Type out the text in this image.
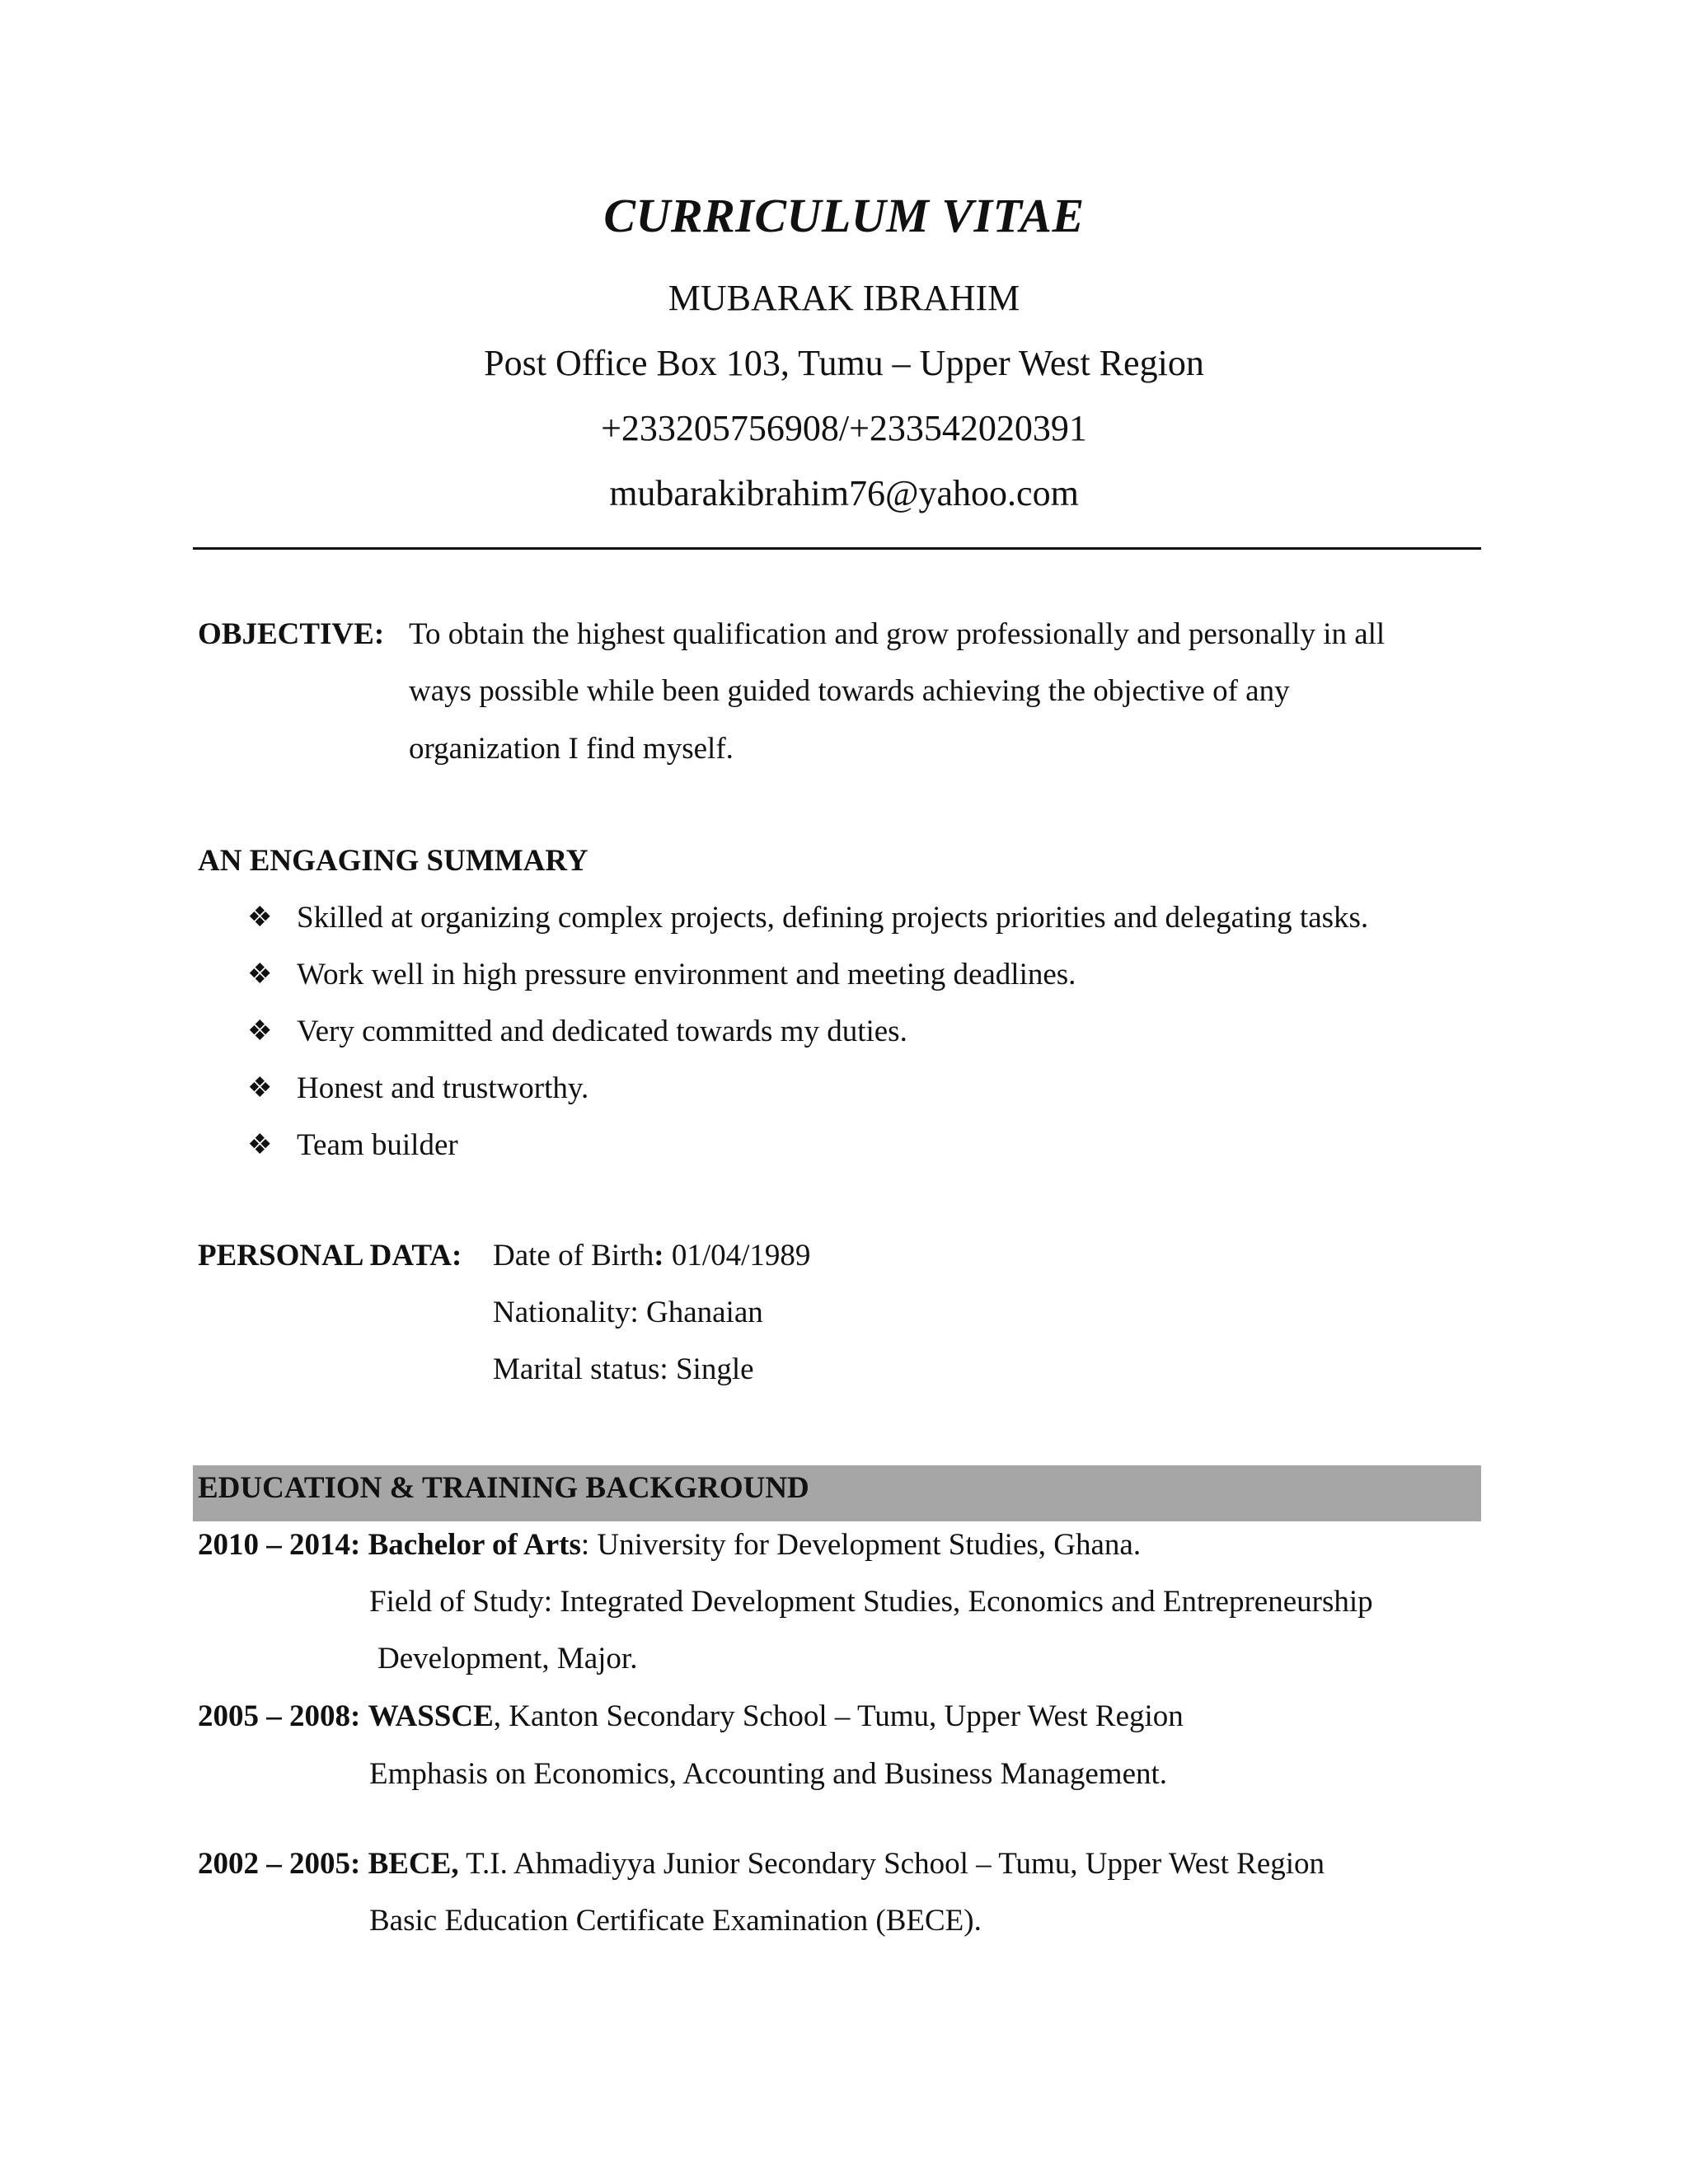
CURRICULUM VITAE
MUBARAK IBRAHIM
Post Office Box 103, Tumu – Upper West Region
+233205756908/+233542020391
mubarakibrahim76@yahoo.com
OBJECTIVE: To obtain the highest qualification and grow professionally and personally in all
ways possible while been guided towards achieving the objective of any
organization I find myself.
AN ENGAGING SUMMARY
❖ Skilled at organizing complex projects, defining projects priorities and delegating tasks.
❖ Work well in high pressure environment and meeting deadlines.
❖ Very committed and dedicated towards my duties.
❖ Honest and trustworthy.
❖ Team builder
PERSONAL DATA: Date of Birth: 01/04/1989
Nationality: Ghanaian
Marital status: Single
EDUCATION & TRAINING BACKGROUND
2010 – 2014: Bachelor of Arts: University for Development Studies, Ghana.
Field of Study: Integrated Development Studies, Economics and Entrepreneurship
Development, Major.
2005 – 2008: WASSCE, Kanton Secondary School – Tumu, Upper West Region
Emphasis on Economics, Accounting and Business Management.
2002 – 2005: BECE, T.I. Ahmadiyya Junior Secondary School – Tumu, Upper West Region
Basic Education Certificate Examination (BECE).
